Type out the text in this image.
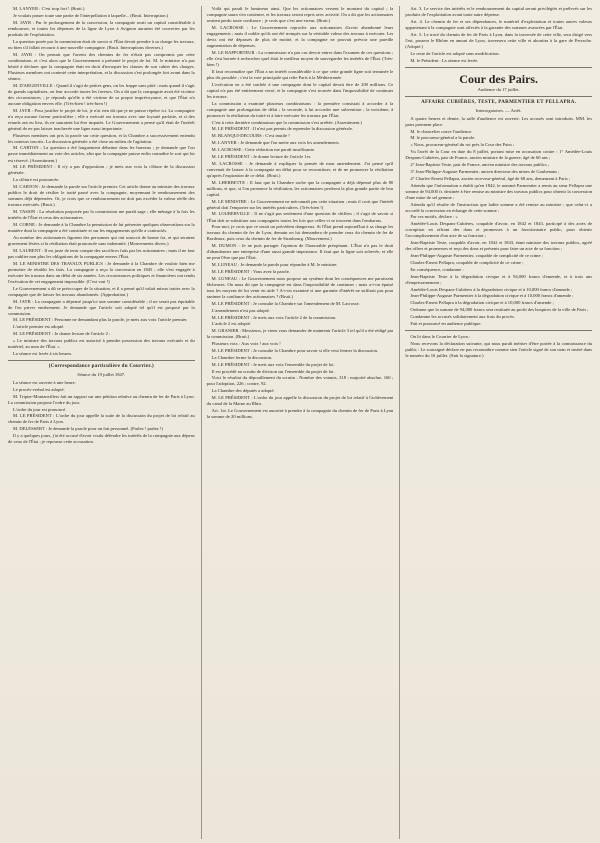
M. LANYER : C'est trop fort ! (Bruit.)

Je voulais passer toute une partie de l'interpellation à laquelle... (Bruit. Interruption.)

M. JAYR : Par le prolongement de la concession, la compagnie avait un capital considérable à rembourser, et toutes les dépenses de la ligne de Lyon à Avignon auraient été couvertes par les produits de l'exploitation.

La question posée par la commission était de savoir si l'État devait prendre à sa charge les travaux, ou bien s'il fallait recourir à une nouvelle compagnie. (Bruit. Interruptions diverses.)

M. JAYR : On pensait que l'avenir des chemins de fer n'était pas compromis par cette combinaison, et c'est alors que le Gouvernement a présenté le projet de loi. M. le ministre n'a pas hésité à déclarer que la compagnie était en droit d'invoquer les clauses de son cahier des charges. Plusieurs membres ont contesté cette interprétation, et la discussion s'est prolongée fort avant dans la séance.

M. D'ARGENVILLE : Quand il s'agit de petites gens, on les frappe sans pitié ; mais quand il s'agit de grands capitalistes, on leur accorde toutes les faveurs. On a dit que la compagnie avait été victime des circonstances ; je réponds qu'elle a été victime de sa propre imprévoyance, et que l'État n'a aucune obligation envers elle. (Très-bien ! très-bien !)

M. JAYR : Pour justifier le projet de loi, je n'ai rien dit que je ne puisse répéter ici. La compagnie n'a reçu aucune faveur particulière ; elle a exécuté ses travaux avec une loyauté parfaite, et si des retards ont eu lieu, ils ne sauraient lui être imputés. Le Gouvernement a pensé qu'il était de l'intérêt général de ne pas laisser inachevée une ligne aussi importante.

Plusieurs membres ont pris la parole sur cette question, et la Chambre a successivement entendu les orateurs inscrits. La discussion générale a été close au milieu de l'agitation.

M. CARTON : La question a été longuement débattue dans les bureaux ; je demande que l'on passe immédiatement au vote des articles, afin que la compagnie puisse enfin connaître le sort qui lui est réservé. (Assentiment.)

M. LE PRÉSIDENT : Il n'y a pas d'opposition ; je mets aux voix la clôture de la discussion générale.

La clôture est prononcée.

M. CARTON : Je demande la parole sur l'article premier. Cet article donne au ministre des travaux publics le droit de résilier le traité passé avec la compagnie, moyennant le remboursement des sommes déjà dépensées. Or, je crois que ce remboursement ne doit pas excéder la valeur réelle des travaux exécutés. (Bruit.)

M. TASSIN : La résolution proposée par la commission me paraît sage ; elle ménage à la fois les intérêts de l'État et ceux des actionnaires.

M. CORNE : Je demande à la Chambre la permission de lui présenter quelques observations sur la manière dont la compagnie a été constituée et sur les engagements qu'elle a contractés.

Au nombre des actionnaires figurent des personnes qui ont souscrit de bonne foi, et qui seraient gravement lésées si la résiliation était prononcée sans indemnité. (Mouvements divers.)

M. LAURENT : Il est juste de tenir compte des sacrifices faits par les actionnaires ; mais il ne faut pas oublier non plus les obligations de la compagnie envers l'État.

M. LE MINISTRE DES TRAVAUX PUBLICS : Je demande à la Chambre de vouloir bien me permettre de rétablir les faits. La compagnie a reçu la concession en 1845 ; elle s'est engagée à exécuter les travaux dans un délai de six années. Les circonstances politiques et financières ont rendu l'exécution de cet engagement impossible. (C'est vrai !)

Le Gouvernement a dû se préoccuper de la situation, et il a pensé qu'il valait mieux traiter avec la compagnie que de laisser les travaux abandonnés. (Approbation.)

M. JAYR : La compagnie a dépensé jusqu'ici une somme considérable ; il ne serait pas équitable de l'en priver entièrement. Je demande que l'article soit adopté tel qu'il est proposé par la commission.

M. LE PRÉSIDENT : Personne ne demandant plus la parole, je mets aux voix l'article premier.

L'article premier est adopté.

M. LE PRÉSIDENT : Je donne lecture de l'article 2 :

« Le ministre des travaux publics est autorisé à prendre possession des travaux exécutés et du matériel, au nom de l'État. »

La séance est levée à six heures.

(Correspondance particulière du Courrier.)
Séance du 19 juillet 1847.

La séance est ouverte à une heure.

Le procès-verbal est adopté.

M. Tripier-Montanvillers fait un rapport sur une pétition relative au chemin de fer de Paris à Lyon. La commission propose l'ordre du jour.

L'ordre du jour est prononcé.

M. LE PRÉSIDENT : L'ordre du jour appelle la suite de la discussion du projet de loi relatif au chemin de fer de Paris à Lyon.

M. DELESSERT : Je demande la parole pour un fait personnel. (Parlez ! parlez !)

Il y a quelques jours, j'ai été accusé d'avoir voulu défendre les intérêts de la compagnie aux dépens de ceux de l'État ; je repousse cette accusation.

Voilà qui paraît le lumineux ainsi. Que les actionnaires versent le montant du capital ; la compagnie saura s'en contenter, et les travaux seront repris avec activité. On a dit que les actionnaires avaient perdu toute confiance ; je crois que c'est une erreur. (Bruit.)

M. LACROSSE : Le Gouvernement reproche aux actionnaires d'avoir abandonné leurs engagements ; mais il oublie qu'ils ont été trompés sur la véritable valeur des travaux à exécuter. Les devis ont été dépassés de plus de moitié, et la compagnie ne pouvait prévoir une pareille augmentation de dépenses.

M. LE RAPPORTEUR : La commission n'a pas cru devoir entrer dans l'examen de ces questions ; elle s'est bornée à rechercher quel était le meilleur moyen de sauvegarder les intérêts de l'État. (Très-bien !)

Il faut reconnaître que l'État a un intérêt considérable à ce que cette grande ligne soit terminée le plus tôt possible ; c'est la voie principale qui relie Paris à la Méditerranée.

L'exécution en a été confiée à une compagnie dont le capital devait être de 200 millions. Ce capital n'a pas été entièrement versé, et la compagnie s'est trouvée dans l'impossibilité de continuer les travaux.

La commission a examiné plusieurs combinaisons : la première consistait à accorder à la compagnie une prolongation de délai ; la seconde, à lui accorder une subvention ; la troisième, à prononcer la résiliation du traité et à faire exécuter les travaux par l'État.

C'est à cette dernière combinaison que la commission s'est arrêtée. (Assentiment.)

M. LE PRÉSIDENT : Il n'est pas permis de reprendre la discussion générale.

M. BLANQUI-DECOURS : C'est inutile !

M. LANYER : Je demande que l'on mette aux voix les amendements.

M. LACROSSE : Cette rédaction me paraît insuffisante.

M. LE PRÉSIDENT : Je donne lecture de l'article 1er.

M. LACROSSE : Je demande à expliquer la pensée de mon amendement. J'ai pensé qu'il convenait de laisser à la compagnie un délai pour se reconstituer, et de ne prononcer la résiliation qu'après l'expiration de ce délai. (Bruit.)

M. LHERBETTE : Il faut que la Chambre sache que la compagnie a déjà dépensé plus de 80 millions, et que, si l'on prononce la résiliation, les actionnaires perdront la plus grande partie de leur capital.

M. LE MINISTRE : Le Gouvernement ne méconnaît pas cette situation ; mais il croit que l'intérêt général doit l'emporter sur les intérêts particuliers. (Très-bien !)

M. LOUBERVILLE : Il ne s'agit pas seulement d'une question de chiffres ; il s'agit de savoir si l'État doit se substituer aux compagnies toutes les fois que celles-ci se trouvent dans l'embarras.

Pour moi, je crois que ce serait un précédent dangereux. Si l'État prend aujourd'hui à sa charge les travaux du chemin de fer de Lyon, demain on lui demandera de prendre ceux du chemin de fer de Bordeaux, puis ceux du chemin de fer de Strasbourg. (Mouvement.)

M. DUMON : Je ne puis partager l'opinion de l'honorable préopinant. L'État n'a pas le droit d'abandonner une entreprise d'une aussi grande importance. Il faut que la ligne soit achevée, et elle ne peut l'être que par l'État.

M. LUNEAU : Je demande la parole pour répondre à M. le ministre.

M. LE PRÉSIDENT : Vous avez la parole.

M. LUNEAU : Le Gouvernement nous propose un système dont les conséquences me paraissent fâcheuses. On nous dit que la compagnie est dans l'impossibilité de continuer ; mais a-t-on épuisé tous les moyens de lui venir en aide ? A-t-on examiné si une garantie d'intérêt ne suffirait pas pour ranimer la confiance des actionnaires ? (Bruit.)

M. LE PRÉSIDENT : Je consulte la Chambre sur l'amendement de M. Lacrosse.

L'amendement n'est pas adopté.

M. LE PRÉSIDENT : Je mets aux voix l'article 2 de la commission.

L'article 2 est adopté.

M. GRANIER : Messieurs, je viens vous demander de maintenir l'article 3 tel qu'il a été rédigé par la commission. (Bruit.)

Plusieurs voix : Aux voix ! aux voix !

M. LE PRÉSIDENT : Je consulte la Chambre pour savoir si elle veut fermer la discussion.

La Chambre ferme la discussion.

M. LE PRÉSIDENT : Je mets aux voix l'ensemble du projet de loi.

Il est procédé au scrutin de division sur l'ensemble du projet de loi.

Voici le résultat du dépouillement du scrutin : Nombre des votants, 318 ; majorité absolue, 160 ; pour l'adoption, 226 ; contre, 92.

La Chambre des députés a adopté.

M. LE PRÉSIDENT : L'ordre du jour appelle la discussion du projet de loi relatif à l'achèvement du canal de la Marne au Rhin.

Art. 1er. Le Gouvernement est autorisé à prendre à la compagnie du chemin de fer de Paris à Lyon la somme de 20 millions.

Art. 3. Le service des intérêts et le remboursement du capital seront privilégiés et prélevés sur les produits de l'exploitation avant toute autre dépense.

Art. 4. Le chemin de fer et ses dépendances, le matériel d'exploitation et toutes autres valeurs appartenant à la compagnie sont affectés à la garantie des sommes avancées par l'État.

Art. 5. Le tracé du chemin de fer de Paris à Lyon, dans la traversée de cette ville, sera dirigé vers l'est, passera le Rhône en amont de Lyon, traversera cette ville et aboutira à la gare de Perrache. (Adopté.)

Le reste de l'article est adopté sans modification.

M. le Président : La séance est levée.

Cour des Pairs.
Audience du 17 juillet.
AFFAIRE CUBIÈRES, TESTE, PARMENTIER ET PELLAPRA.
Interrogatoires. — Arrêt.

A quatre heures et demie, la salle d'audience est ouverte. Les accusés sont introduits. MM. les pairs prennent place.

M. le chancelier ouvre l'audience.

M. le procureur-général a la parole.

« Nous, procureur-général du roi près la Cour des Pairs ;

Vu l'arrêt de la Cour en date du 8 juillet, portant mise en accusation contre : 1° Amédée-Louis Despans-Cubières, pair de France, ancien ministre de la guerre, âgé de 60 ans ;

2° Jean-Baptiste Teste, pair de France, ancien ministre des travaux publics ;

3° Jean-Philippe-Auguste Parmentier, ancien directeur des mines de Gouhenans ;

4° Charles-Ernest Pellapra, ancien receveur-général, âgé de 68 ans, demeurant à Paris ;

Attendu que l'information a établi qu'en 1842, le nommé Parmentier a remis au sieur Pellapra une somme de 94,000 fr. destinée à être remise au ministre des travaux publics pour obtenir la concession d'une mine de sel gemme ;

Attendu qu'il résulte de l'instruction que ladite somme a été remise au ministre ; que celui-ci a accordé la concession en échange de cette somme ;

Par ces motifs, déclare : »

Amédée-Louis Despans-Cubières, coupable d'avoir, en 1842 et 1843, participé à des actes de corruption en offrant des dons et promesses à un fonctionnaire public, pour obtenir l'accomplissement d'un acte de sa fonction ;

Jean-Baptiste Teste, coupable d'avoir, en 1842 et 1843, étant ministre des travaux publics, agréé des offres et promesses et reçu des dons et présents pour faire un acte de sa fonction ;

Jean-Philippe-Auguste Parmentier, coupable de complicité de ce crime ;

Charles-Ernest Pellapra, coupable de complicité de ce crime ;

En conséquence, condamne :

Jean-Baptiste Teste à la dégradation civique et à 94,000 francs d'amende, et à trois ans d'emprisonnement ;

Amédée-Louis Despans-Cubières à la dégradation civique et à 10,000 francs d'amende ;

Jean-Philippe-Auguste Parmentier à la dégradation civique et à 10,000 francs d'amende ;

Charles-Ernest Pellapra à la dégradation civique et à 10,000 francs d'amende ;

Ordonne que la somme de 94,000 francs sera restituée au profit des hospices de la ville de Paris ;

Condamne les accusés solidairement aux frais du procès.

Fait et prononcé en audience publique.

On lit dans le Courrier de Lyon :

Nous recevons la déclaration suivante, qui nous paraît mériter d'être portée à la connaissance du public : Le soussigné déclare ne pas reconnaître comme sien l'article signé de son nom et inséré dans le numéro du 16 juillet. (Suit la signature.)
